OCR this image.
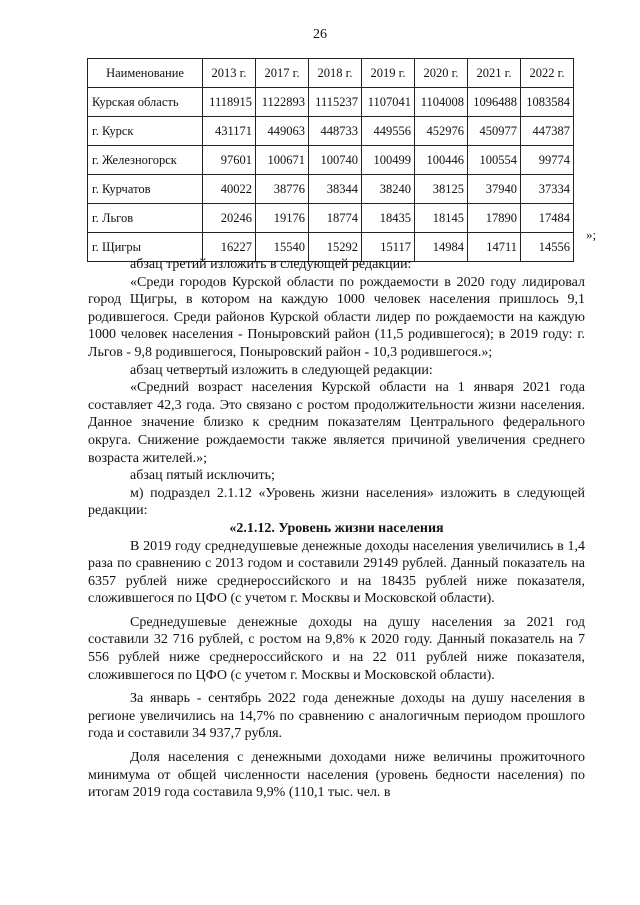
26
Наименование	2013 г.	2017 г.	2018 г.	2019 г.	2020 г.	2021 г.	2022 г.
Курская область	1118915	1122893	1115237	1107041	1104008	1096488	1083584
г. Курск	431171	449063	448733	449556	452976	450977	447387
г. Железногорск	97601	100671	100740	100499	100446	100554	99774
г. Курчатов	40022	38776	38344	38240	38125	37940	37334
г. Льгов	20246	19176	18774	18435	18145	17890	17484
г. Щигры	16227	15540	15292	15117	14984	14711	14556
»;

абзац третий изложить в следующей редакции:

«Среди городов Курской области по рождаемости в 2020 году лидировал город Щигры, в котором на каждую 1000 человек населения пришлось 9,1 родившегося. Среди районов Курской области лидер по рождаемости на каждую 1000 человек населения - Поныровский район (11,5 родившегося); в 2019 году: г. Льгов - 9,8 родившегося, Поныровский район - 10,3 родившегося.»;

абзац четвертый изложить в следующей редакции:

«Средний возраст населения Курской области на 1 января 2021 года составляет 42,3 года. Это связано с ростом продолжительности жизни населения. Данное значение близко к средним показателям Центрального федерального округа. Снижение рождаемости также является причиной увеличения среднего возраста жителей.»;

абзац пятый исключить;

м) подраздел 2.1.12 «Уровень жизни населения» изложить в следующей редакции:

«2.1.12. Уровень жизни населения

В 2019 году среднедушевые денежные доходы населения увеличились в 1,4 раза по сравнению с 2013 годом и составили 29149 рублей. Данный показатель на 6357 рублей ниже среднероссийского и на 18435 рублей ниже показателя, сложившегося по ЦФО (с учетом г. Москвы и Московской области).

Среднедушевые денежные доходы на душу населения за 2021 год составили 32 716 рублей, с ростом на 9,8% к 2020 году. Данный показатель на 7 556 рублей ниже среднероссийского и на 22 011 рублей ниже показателя, сложившегося по ЦФО (с учетом г. Москвы и Московской области).

За январь - сентябрь 2022 года денежные доходы на душу населения в регионе увеличились на 14,7% по сравнению с аналогичным периодом прошлого года и составили 34 937,7 рубля.

Доля населения с денежными доходами ниже величины прожиточного минимума от общей численности населения (уровень бедности населения) по итогам 2019 года составила 9,9% (110,1 тыс. чел. в
